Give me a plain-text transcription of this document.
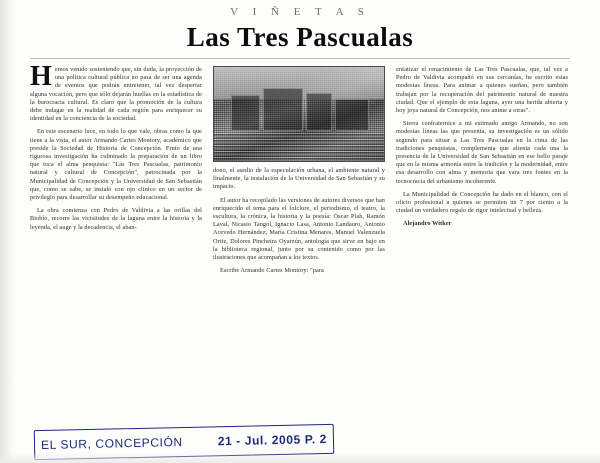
V I Ñ E T A S
Las Tres Pascualas

Hemos venido sosteniendo que, sin duda, la proyección de una política cultural pública no pasa de ser una agenda de eventos que podrán entretener, tal vez despertar alguna vocación, pero que sólo dejarán huellas en la estadística de la burocracia cultural. Es claro que la promoción de la cultura debe indagar en la realidad de cada región para enriquecer su identidad en la conciencia de la sociedad.

En este escenario luce, en todo lo que vale, obras como la que tiene a la vista, el autor Armando Cartes Montory, académico que preside la Sociedad de Historia de Concepción. Fruto de una rigurosa investigación ha culminado la preparación de un libro que toca el alma penquista: "Las Tres Pascualas, patrimonio natural y cultural de Concepción", patrocinada por la Municipalidad de Concepción y la Universidad de San Sebastián que, como se sabe, se instaló con ojo clínico en un sector de privilegio para desarrollar su desempeño educacional.

La obra comienza con Pedro de Valdivia a las orillas del Biobío, recorre las vicisitudes de la laguna entre la historia y la leyenda, el auge y la decadencia, el aban-

dono, el asedio de la especulación urbana, el ambiente natural y finalmente, la instalación de la Universidad de San Sebastián y su impacto.

El autor ha recopilado las versiones de autores diversos que han enriquecido el tema para el folclore, el periodismo, el teatro, la escultura, la crónica, la historia y la poesía: Óscar Plah, Ramón Laval, Nicasio Tangol, Ignacio Lasa, Antonio Landauro, Antonio Acevedo Hernández, María Cristina Menares, Manuel Valenzuela Ortiz, Dolores Pincheira Oyarzún, antología que sirve en bajo en la biblioteca regional, junto por su contenido como por las ilustraciones que acompañan a los textos.

Escribe Armando Cartes Montory: "para

enfatizar el renacimiento de Las Tres Pascualas, que, tal vez a Pedro de Valdivia acompañó en sus cercanías, he escrito estas modestas líneas. Para animar a quienes sueñan, pero también trabajan por la recuperación del patrimonio natural de nuestra ciudad. Que el ejemplo de esta laguna, ayer una herida abierta y hoy joya natural de Concepción, nos anime a otras".

Sierra confraternice a mi estimado amigo Armando, no son modestas líneas las que presenta, su investigación es un sólido segundo para situar a Las Tres Pascualas en la cima de las tradiciones penquistas, complementa que alienta cada una la presencia de la Universidad de San Sebastián en ese bello paraje que en la misma armonía entre la tradición y la modernidad, entre esa desarrollo con alma y memoria que vara tres fontes en la tecnocracia del urbanismo incoherente.

La Municipalidad de Concepción ha dado en el blanco, con el oficio profesional a quienes se permiten un 7 por ciento a la ciudad un verdadero regalo de rigor intelectual y belleza.

Alejandro Witker

EL SUR, CONCEPCIÓN	21 - Jul. 2005 P. 2
